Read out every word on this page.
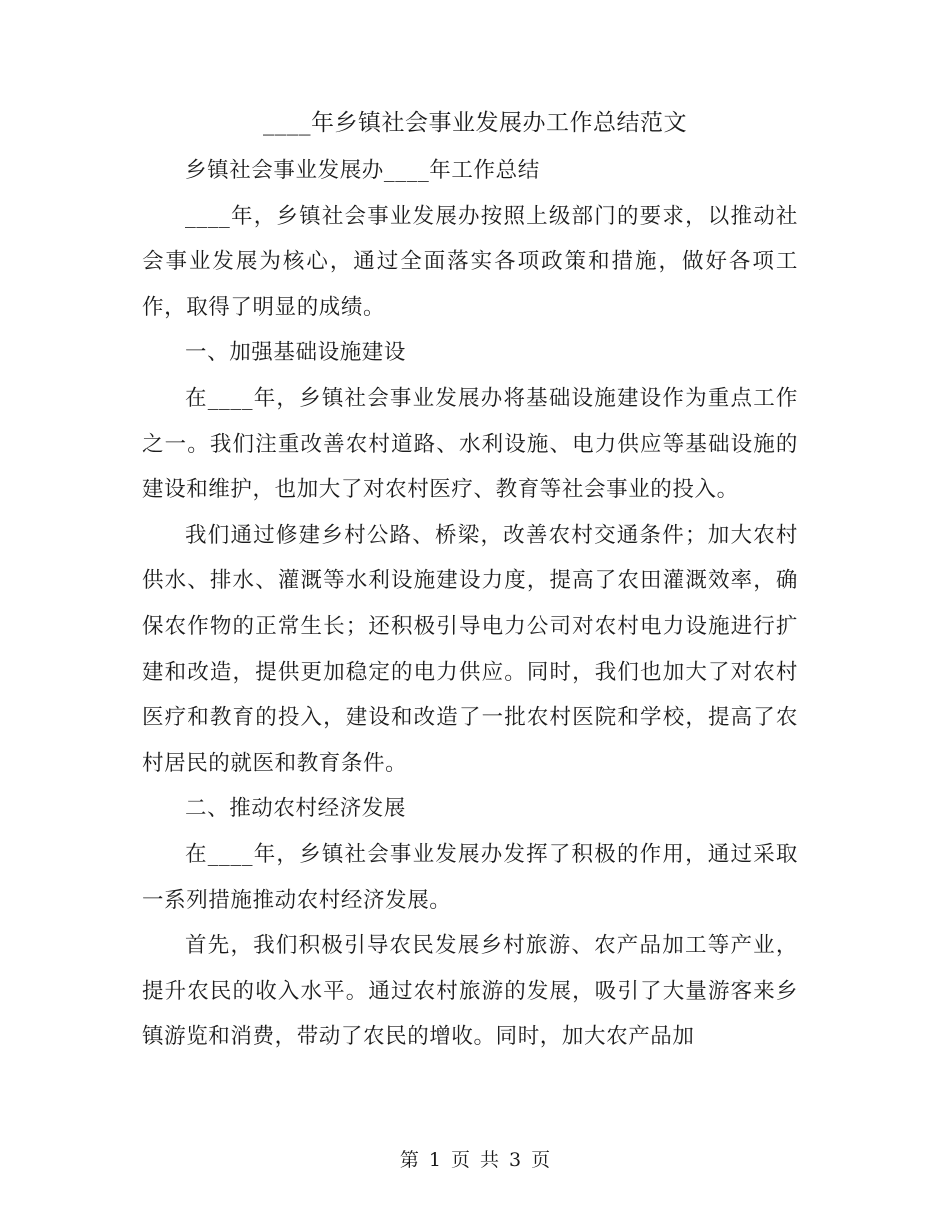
____年乡镇社会事业发展办工作总结范文

乡镇社会事业发展办____年工作总结

____年，乡镇社会事业发展办按照上级部门的要求，以推动社会事业发展为核心，通过全面落实各项政策和措施，做好各项工作，取得了明显的成绩。

一、加强基础设施建设

在____年，乡镇社会事业发展办将基础设施建设作为重点工作之一。我们注重改善农村道路、水利设施、电力供应等基础设施的建设和维护，也加大了对农村医疗、教育等社会事业的投入。

我们通过修建乡村公路、桥梁，改善农村交通条件；加大农村供水、排水、灌溉等水利设施建设力度，提高了农田灌溉效率，确保农作物的正常生长；还积极引导电力公司对农村电力设施进行扩建和改造，提供更加稳定的电力供应。同时，我们也加大了对农村医疗和教育的投入，建设和改造了一批农村医院和学校，提高了农村居民的就医和教育条件。

二、推动农村经济发展

在____年，乡镇社会事业发展办发挥了积极的作用，通过采取一系列措施推动农村经济发展。

首先，我们积极引导农民发展乡村旅游、农产品加工等产业，提升农民的收入水平。通过农村旅游的发展，吸引了大量游客来乡镇游览和消费，带动了农民的增收。同时，加大农产品加

第 1 页 共 3 页
